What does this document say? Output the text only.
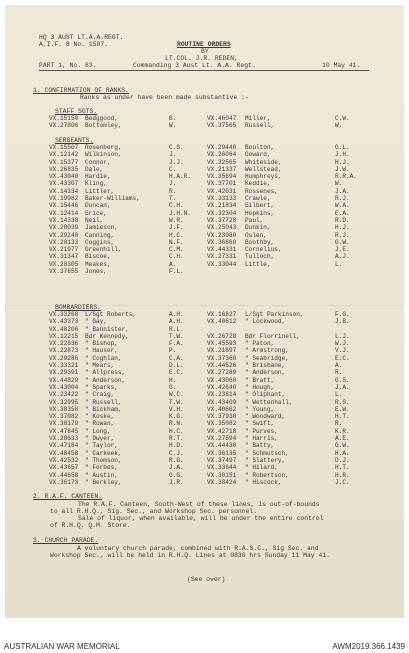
HQ 3 AUST LT.A.A.REGT.
A.I.F. 8 No. 1507.	ROUTINE ORDERS
BY
LT.COL. J.R. REDEN,
PART 1, No. 83.	Commanding 3 Aust Lt. A.A. Regt.	10 May 41.
1. CONFIRMATION OF RANKS.
Ranks as under have been made substantive :-
STAFF SGTS.
VX.15150 Bedggood,	B.	VX.46047 Miller,	C.W.
VX.27806 Bottomley,	W.	VX.37565 Russell,	W.
SERGEANTS.
VX.15507 Rosenberg,	C.S.	VX.29440 Boulton,	G.L.
VX.12142 Wilkinson,	J.	VX.26064 Goward,	J.H.
VX.15377 Connor,	J.J.	VX.32565 Whiteside,	H.J.
VX.26835 Dale,	C.	VX.21337 Wellstead,	J.W.
VX.43040 Hardie,	H.A.R.	VX.35694 Humphreys,	R.R.A.
VX.43307 Kling,	J.	VX.37701 Keddie,	W.
VX.14334 Littler,	R.	VX.42031 Rossenes,	J.A.
VX.19082 Baker-Williams,	T.	VX.33133 Crawle,	R.J.
VX.15446 Duncan,	C.H.	VX.21834 Gilbert,	W.A.
VX.12414 Grice,	J.H.N.	VX.32304 Hopkins,	E.A.
VX.14338 Neil,	W.R.	VX.37728 Paul,	R.D.
VX.28039 Jamieson,	J.F.	VX.25043 Dunkin,	H.J.
VX.29240 Canning,	H.C.	VX.23080 Oslen,	R.J.
VX.28133 Coggins,	N.F.	VX.36860 Boothby,	G.W.
VX.21977 Greenhill,	C.M.	VX.44331 Cornelius,	J.E.
VX.31347 Biscoe,	C.H.	VX.27331 Tulloch,	A.J.
VX.28305 Meakes,	A.	VX.33044 Little,	L.
VX.37655 Jones,	F.L.
BOMBARDIERS.
VX.33268 L/Sgt Roberts,	A.H.	VX.16827 L/Sgt Parkinson,	F.G.
VX.43373 " Gay,	A.H.	VX.40612 " Lockwood,	J.B.
VX.48206 " Bannister,	R.L.
VX.12215 Bdr Kennedy,	T.W.	VX.26728 Bdr Florrinell,	L.J.
VX.22836 " Bishop,	F.A.	VX.45593 " Paton,	W.J.
VX.22873 " Hauser,	P.	VX.21897 " Armstrong,	V.J.
VX.29286 " Coghlan,	C.A.	VX.37368 " Seabridge,	E.C.
VX.33321 " Mears,	D.L.	VX.44526 " Brisbane,	A.
VX.29391 " Allpress,	E.C.	VX.27289 " Anderson,	R.
VX.44829 " Anderson,	H.	VX.43060 " Bratt,	G.S.
VX.43004 " Sparks,	G.	VX.42640 " Hough,	J.A.
VX.23422 " Craig,	W.C.	VX.23814 " Oliphant,	L.
VX.32995 " Russell,	T.W.	VX.43409 " Wettenhall,	R.S.
VX.38358 " Bickham,	V.H.	VX.40662 " Young,	E.W.
VX.37082 " Koske,	K.G.	VX.37930 " Woodward,	H.T.
VX.38179 " Rowan,	R.N.	VX.35082 " Swift,	R.
VX.47845 " Long,	H.C.	VX.42718 " Purves,	K.R.
VX.28633 " Dwyer,	R.T.	VX.27594 " Harris,	A.E.
VX.47184 " Taylor,	H.D.	VX.44430 " Batty,	G.W.
VX.48458 " Carkeek,	C.J.	VX.36135 " Schmutsch,	H.A.
VX.42532 " Thomson,	R.G.	VX.37497 " Slattery,	D.J.
VX.43657 " Forbes,	J.A.	VX.33644 " Hilard,	H.T.
VX.44658 " Austin,	G.G.	VX.30151 " Robertson,	H.R.
VX.36173 " Berkley,	J.R.	VX.38424 " Hiscock,	J.C.
2. R.A.F. CANTEEN.
The R.A.F. Canteen, South-West of these lines, is out-of-bounds
to all R.H.Q., Sig. Sec., and Workshop Sec. personnel.
Sale of liquor, when available, will be under the entire control
of R.H.Q. Q.M. Store.
3. CHURCH PARADE.
A voluntary church parade, combined with R.A.S.C., Sig Sec. and
Workshop Sec., will be held in R.H.Q. Lines at 0830 hrs Sunday 11 May 41.
(See over)
AUSTRALIAN WAR MEMORIAL	AWM2019.366.1439
